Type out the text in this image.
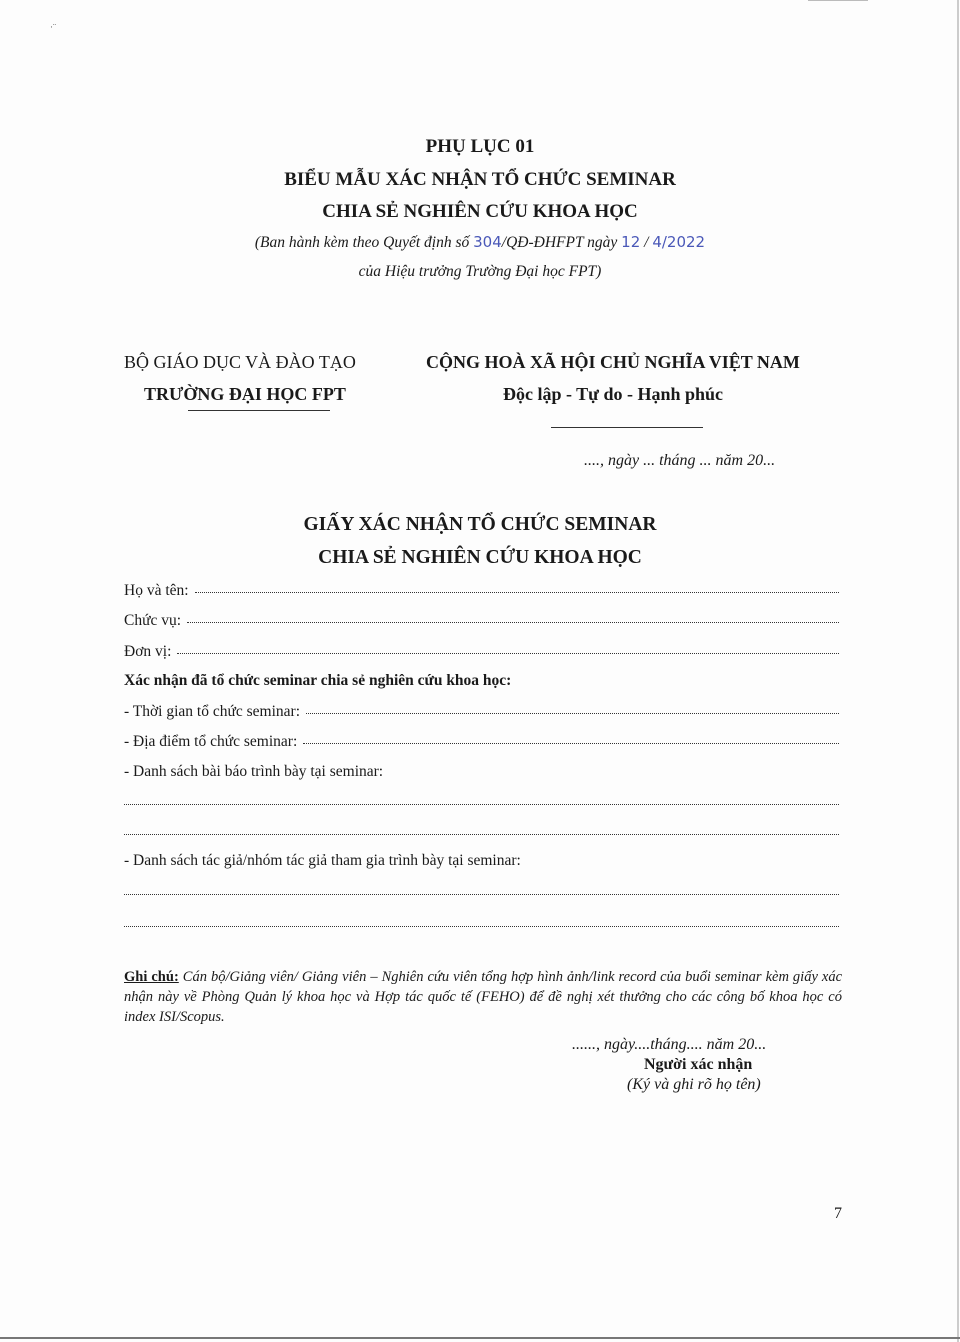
·¨
PHỤ LỤC 01
BIỂU MẪU XÁC NHẬN TỔ CHỨC SEMINAR
CHIA SẺ NGHIÊN CỨU KHOA HỌC
(Ban hành kèm theo Quyết định số 304/QĐ-ĐHFPT ngày 12 / 4/2022
của Hiệu trưởng Trường Đại học FPT)
BỘ GIÁO DỤC VÀ ĐÀO TẠO
TRƯỜNG ĐẠI HỌC FPT
CỘNG HOÀ XÃ HỘI CHỦ NGHĨA VIỆT NAM
Độc lập - Tự do - Hạnh phúc
...., ngày ... tháng ... năm 20...
GIẤY XÁC NHẬN TỔ CHỨC SEMINAR
CHIA SẺ NGHIÊN CỨU KHOA HỌC
Họ và tên:
Chức vụ:
Đơn vị:
Xác nhận đã tổ chức seminar chia sẻ nghiên cứu khoa học:
- Thời gian tổ chức seminar:
- Địa điểm tổ chức seminar:
- Danh sách bài báo trình bày tại seminar:
- Danh sách tác giả/nhóm tác giả tham gia trình bày tại seminar:
Ghi chú: Cán bộ/Giảng viên/ Giảng viên – Nghiên cứu viên tổng hợp hình ảnh/link record của buổi seminar kèm giấy xác nhận này về Phòng Quản lý khoa học và Hợp tác quốc tế (FEHO) để đề nghị xét thưởng cho các công bố khoa học có index ISI/Scopus.
......, ngày....tháng.... năm 20...
Người xác nhận
(Ký và ghi rõ họ tên)
7
